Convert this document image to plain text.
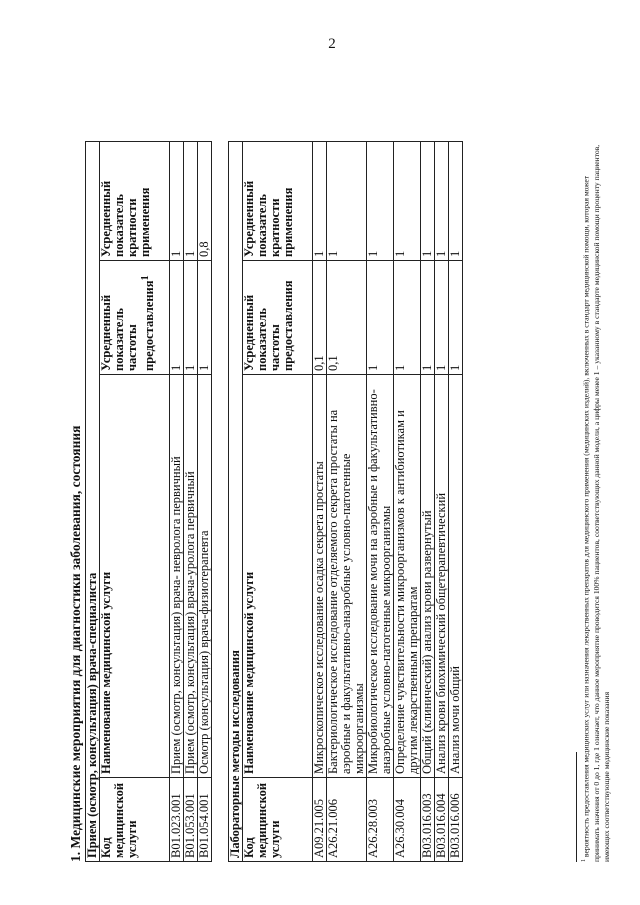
2
1. Медицинские мероприятия для диагностики заболевания, состояния Прием (осмотр, консультация) врача-специалиста			
Код медицинской услуги	Наименование медицинской услуги	Усредненный показатель частоты предоставления$^1$	Усредненный показатель кратности применения
B01.023.001	Прием (осмотр, консультация) врача- невролога первичный	1	1
B01.053.001	Прием (осмотр, консультация) врача-уролога первичный	1	1
B01.054.001	Осмотр (консультация) врача-физиотерапевта	1	0,8
Лабораторные методы исследования			
Код медицинской услуги	Наименование медицинской услуги	Усредненный показатель частоты предоставления	Усредненный показатель кратности применения
A09.21.005	Микроскопическое исследование осадка секрета простаты	0,1	1
A26.21.006	Бактериологическое исследование отделяемого секрета простаты на аэробные и факультативно-анаэробные условно-патогенные микроорганизмы	0,1	1
A26.28.003	Микробиологическое исследование мочи на аэробные и факультативно-анаэробные условно-патогенные микроорганизмы	1	1
A26.30.004	Определение чувствительности микроорганизмов к антибиотикам и другим лекарственным препаратам	1	1
B03.016.003	Общий (клинический) анализ крови развернутый	1	1
B03.016.004	Анализ крови биохимический общетерапевтический	1	1
B03.016.006	Анализ мочи общий	1	1
$^1$ вероятность предоставления медицинских услуг или назначения лекарственных препаратов для медицинского применения (медицинских изделий), включенных в стандарт медицинской помощи, которая может принимать значения от 0 до 1, где 1 означает, что данное мероприятие проводится 100% пациентов, соответствующих данной модели, а цифры менее 1 – указанному в стандарте медицинской помощи проценту пациентов, имеющих соответствующие медицинские показания
